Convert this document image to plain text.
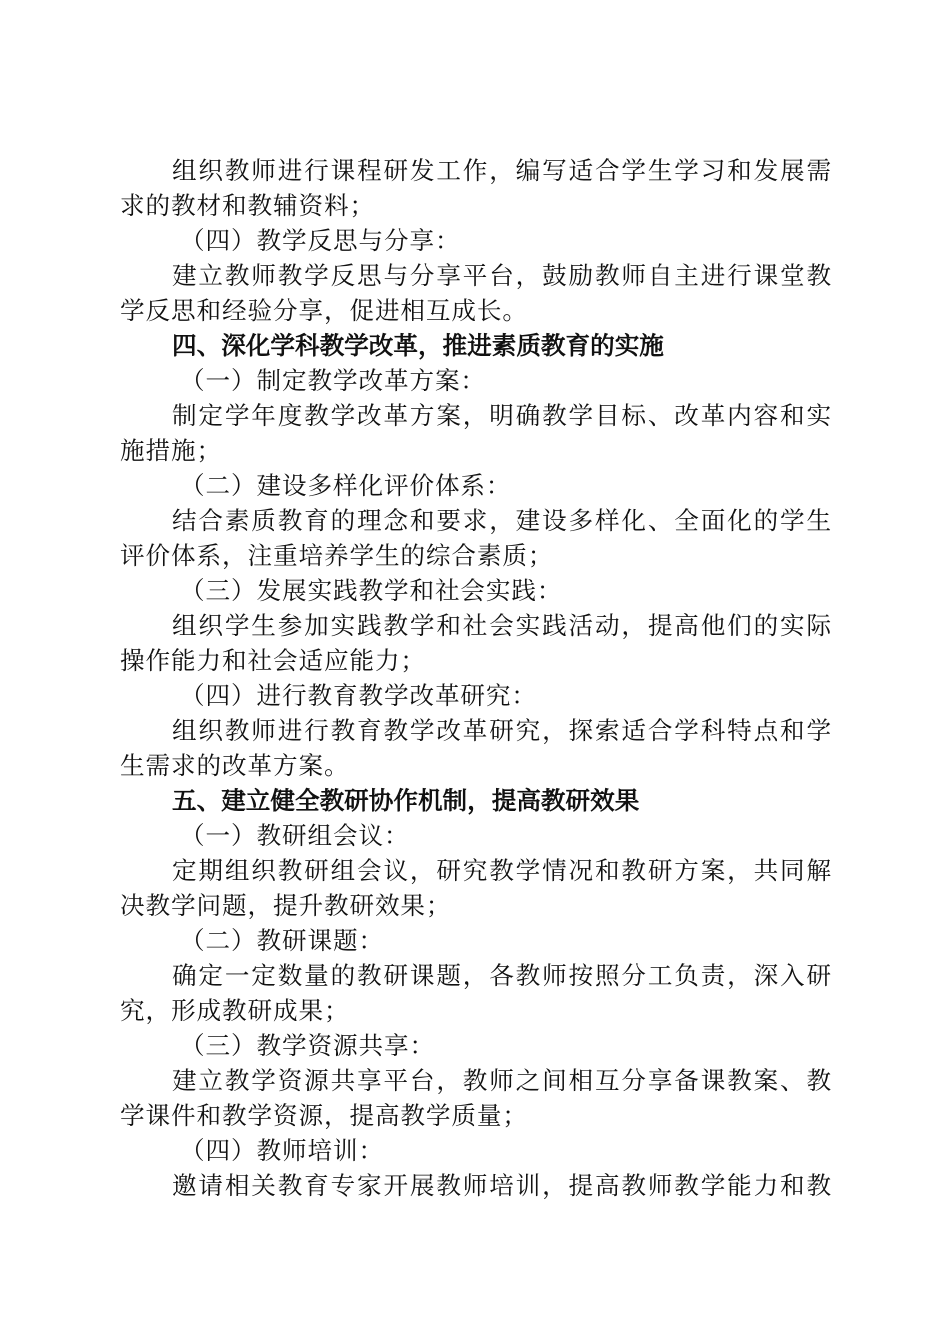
组织教师进行课程研发工作，编写适合学生学习和发展需
求的教材和教辅资料；
（四）教学反思与分享：
建立教师教学反思与分享平台，鼓励教师自主进行课堂教
学反思和经验分享，促进相互成长。
四、深化学科教学改革，推进素质教育的实施
（一）制定教学改革方案：
制定学年度教学改革方案，明确教学目标、改革内容和实
施措施；
（二）建设多样化评价体系：
结合素质教育的理念和要求，建设多样化、全面化的学生
评价体系，注重培养学生的综合素质；
（三）发展实践教学和社会实践：
组织学生参加实践教学和社会实践活动，提高他们的实际
操作能力和社会适应能力；
（四）进行教育教学改革研究：
组织教师进行教育教学改革研究，探索适合学科特点和学
生需求的改革方案。
五、建立健全教研协作机制，提高教研效果
（一）教研组会议：
定期组织教研组会议，研究教学情况和教研方案，共同解
决教学问题，提升教研效果；
（二）教研课题：
确定一定数量的教研课题，各教师按照分工负责，深入研
究，形成教研成果；
（三）教学资源共享：
建立教学资源共享平台，教师之间相互分享备课教案、教
学课件和教学资源，提高教学质量；
（四）教师培训：
邀请相关教育专家开展教师培训，提高教师教学能力和教
